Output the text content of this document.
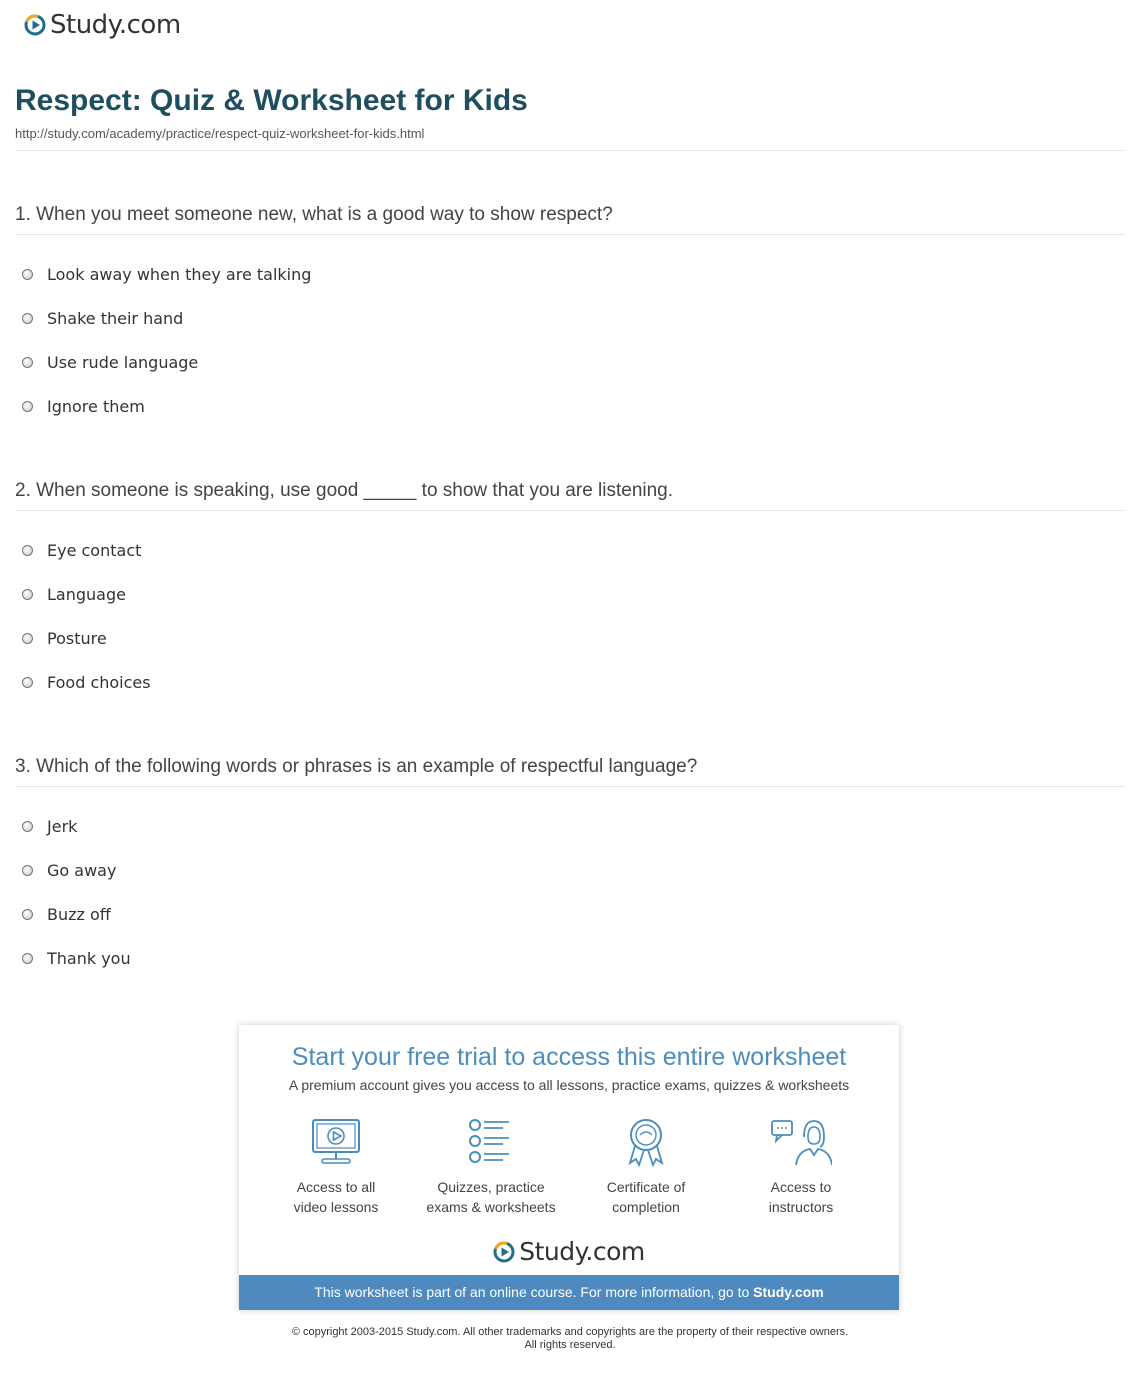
Study.com
Respect: Quiz & Worksheet for Kids
http://study.com/academy/practice/respect-quiz-worksheet-for-kids.html
1. When you meet someone new, what is a good way to show respect?
Look away when they are talking
Shake their hand
Use rude language
Ignore them
2. When someone is speaking, use good _____ to show that you are listening.
Eye contact
Language
Posture
Food choices
3. Which of the following words or phrases is an example of respectful language?
Jerk
Go away
Buzz off
Thank you
Start your free trial to access this entire worksheet
A premium account gives you access to all lessons, practice exams, quizzes & worksheets
Access to all
video lessons
Quizzes, practice
exams & worksheets
Certificate of
completion
Access to
instructors
Study.com
This worksheet is part of an online course. For more information, go to Study.com
© copyright 2003-2015 Study.com. All other trademarks and copyrights are the property of their respective owners.
All rights reserved.
